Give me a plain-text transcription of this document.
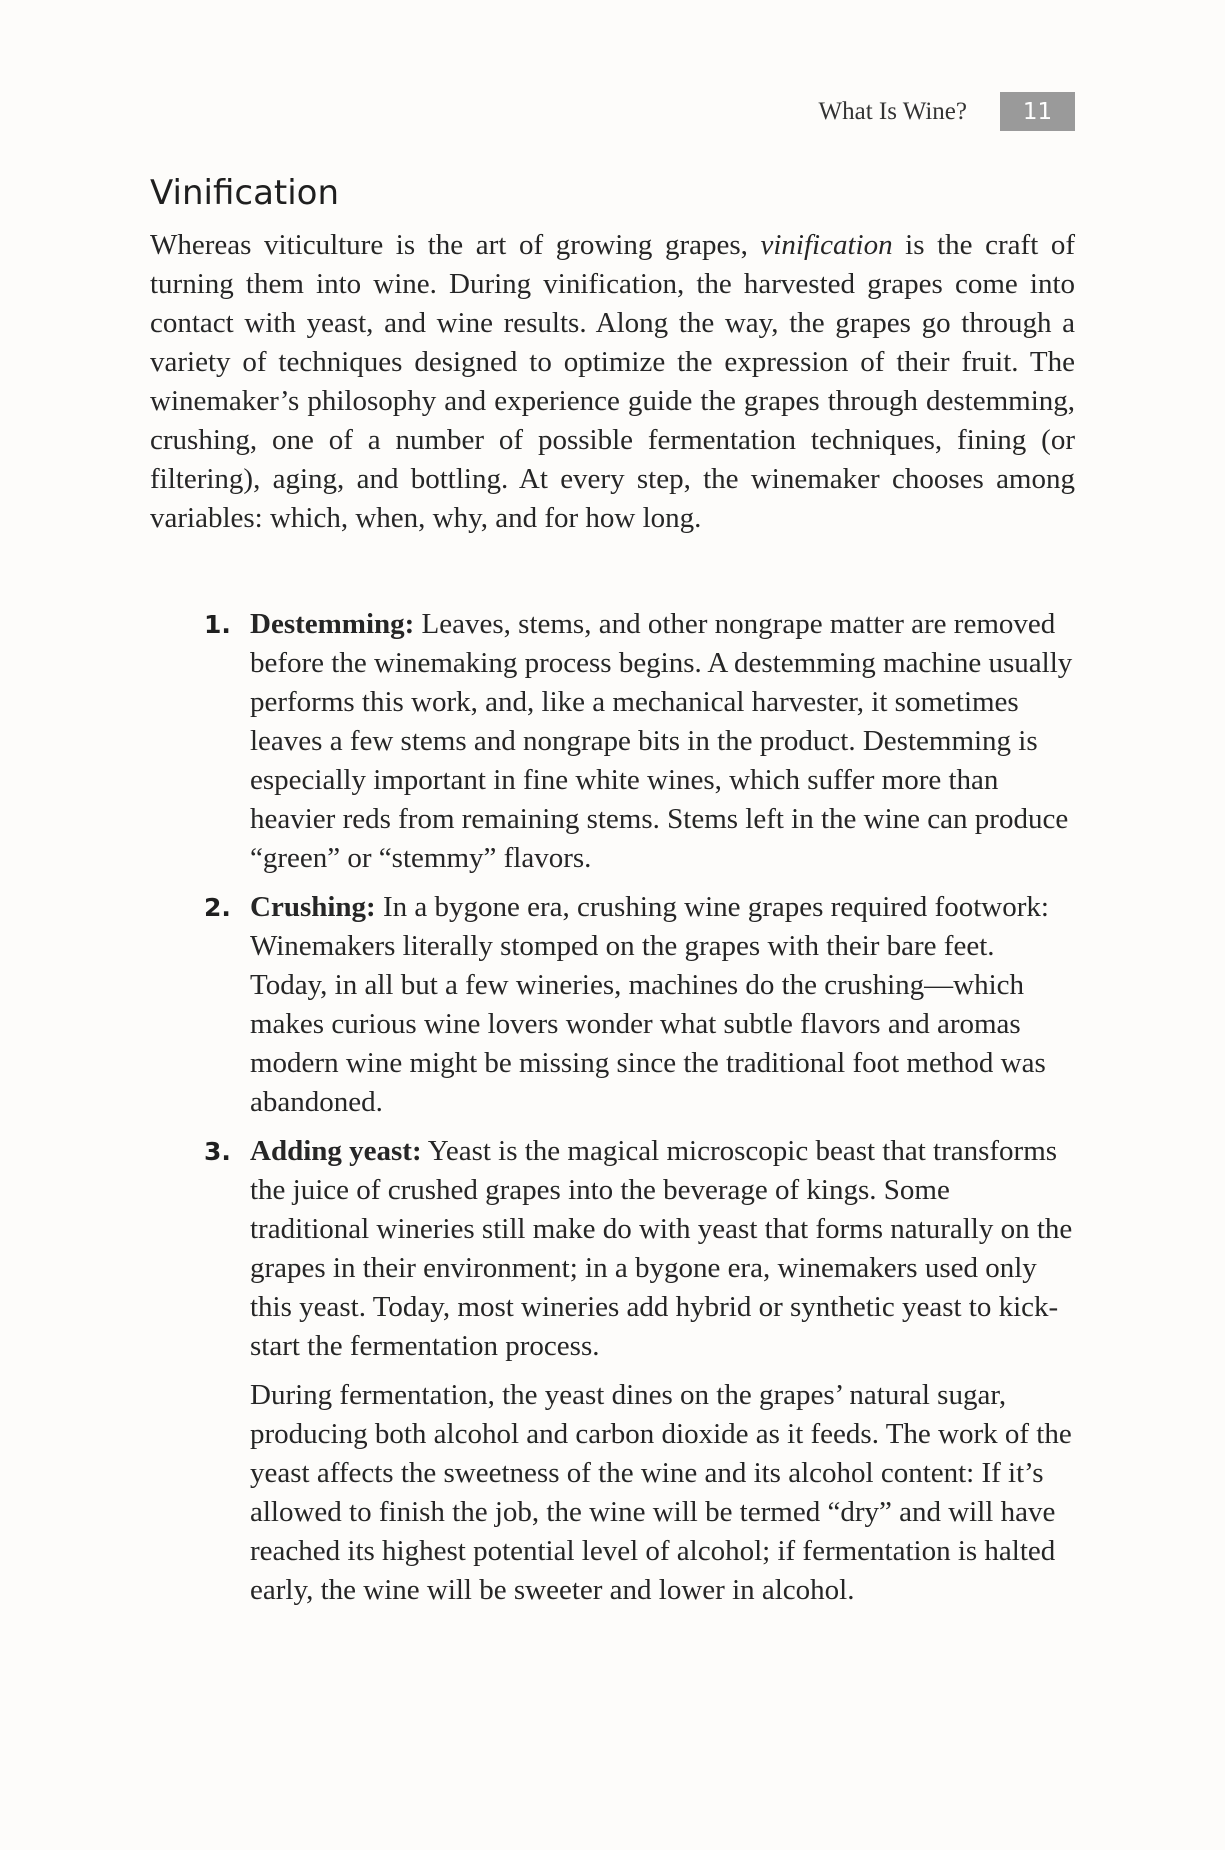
What Is Wine?	11
Vinification

Whereas viticulture is the art of growing grapes, vinification is the craft of turning them into wine. During vinification, the harvested grapes come into contact with yeast, and wine results. Along the way, the grapes go through a variety of techniques designed to optimize the expression of their fruit. The winemaker’s philosophy and experience guide the grapes through destemming, crushing, one of a number of possible fermentation techniques, fining (or filtering), aging, and bottling. At every step, the winemaker chooses among variables: which, when, why, and for how long.

1. Destemming: Leaves, stems, and other nongrape matter are removed before the winemaking process begins. A destemming machine usually performs this work, and, like a mechanical harvester, it sometimes leaves a few stems and nongrape bits in the product. Destemming is especially important in fine white wines, which suffer more than heavier reds from remaining stems. Stems left in the wine can produce “green” or “stemmy” flavors.

2. Crushing: In a bygone era, crushing wine grapes required footwork: Winemakers literally stomped on the grapes with their bare feet. Today, in all but a few wineries, machines do the crushing—which makes curious wine lovers wonder what subtle flavors and aromas modern wine might be missing since the traditional foot method was abandoned.

3. Adding yeast: Yeast is the magical microscopic beast that transforms the juice of crushed grapes into the beverage of kings. Some traditional wineries still make do with yeast that forms naturally on the grapes in their environment; in a bygone era, winemakers used only this yeast. Today, most wineries add hybrid or synthetic yeast to kick-start the fermentation process.

During fermentation, the yeast dines on the grapes’ natural sugar, producing both alcohol and carbon dioxide as it feeds. The work of the yeast affects the sweetness of the wine and its alcohol content: If it’s allowed to finish the job, the wine will be termed “dry” and will have reached its highest potential level of alcohol; if fermentation is halted early, the wine will be sweeter and lower in alcohol.
